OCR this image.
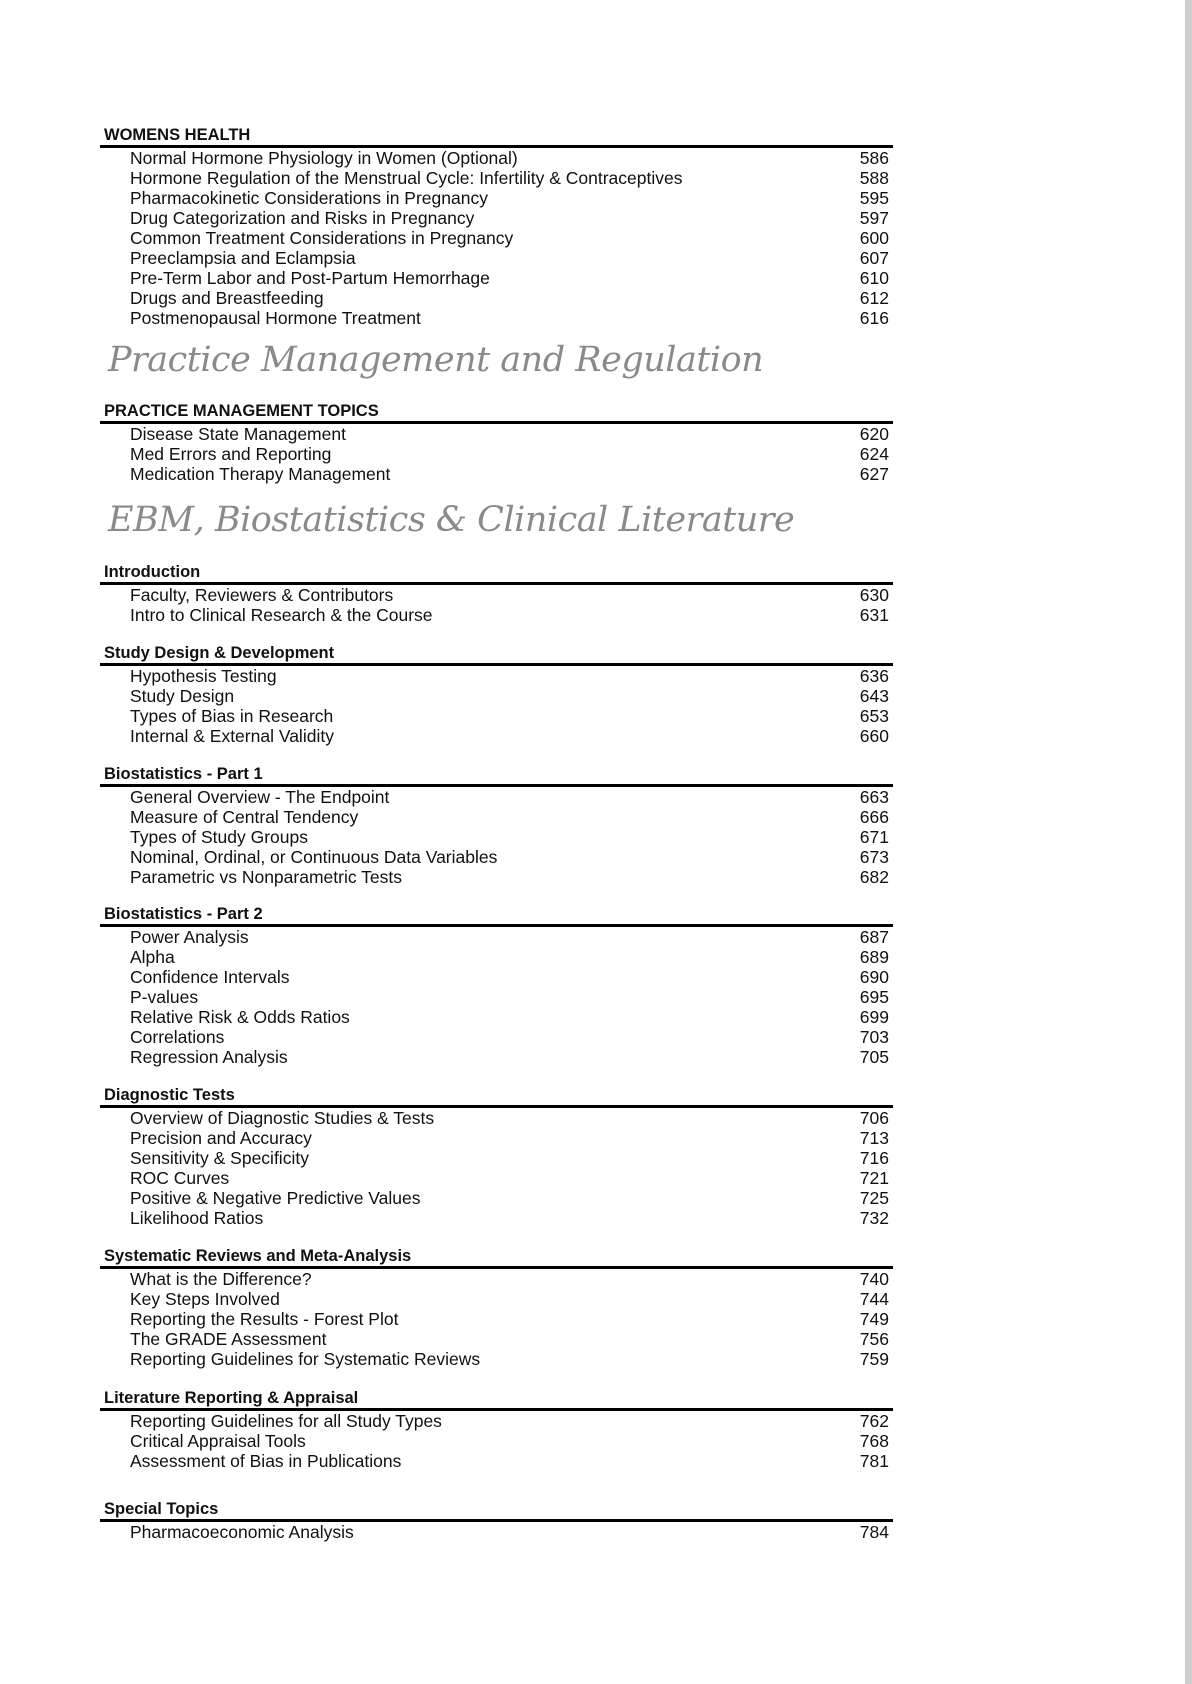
Practice Management and Regulation
EBM, Biostatistics & Clinical Literature
WOMENS HEALTH
Normal Hormone Physiology in Women (Optional)	586
Hormone Regulation of the Menstrual Cycle: Infertility & Contraceptives	588
Pharmacokinetic Considerations in Pregnancy	595
Drug Categorization and Risks in Pregnancy	597
Common Treatment Considerations in Pregnancy	600
Preeclampsia and Eclampsia	607
Pre-Term Labor and Post-Partum Hemorrhage	610
Drugs and Breastfeeding	612
Postmenopausal Hormone Treatment	616
PRACTICE MANAGEMENT TOPICS
Disease State Management	620
Med Errors and Reporting	624
Medication Therapy Management	627
Introduction
Faculty, Reviewers & Contributors	630
Intro to Clinical Research & the Course	631
Study Design & Development
Hypothesis Testing	636
Study Design	643
Types of Bias in Research	653
Internal & External Validity	660
Biostatistics - Part 1
General Overview - The Endpoint	663
Measure of Central Tendency	666
Types of Study Groups	671
Nominal, Ordinal, or Continuous Data Variables	673
Parametric vs Nonparametric Tests	682
Biostatistics - Part 2
Power Analysis	687
Alpha	689
Confidence Intervals	690
P-values	695
Relative Risk & Odds Ratios	699
Correlations	703
Regression Analysis	705
Diagnostic Tests
Overview of Diagnostic Studies & Tests	706
Precision and Accuracy	713
Sensitivity & Specificity	716
ROC Curves	721
Positive & Negative Predictive Values	725
Likelihood Ratios	732
Systematic Reviews and Meta-Analysis
What is the Difference?	740
Key Steps Involved	744
Reporting the Results - Forest Plot	749
The GRADE Assessment	756
Reporting Guidelines for Systematic Reviews	759
Literature Reporting & Appraisal
Reporting Guidelines for all Study Types	762
Critical Appraisal Tools	768
Assessment of Bias in Publications	781
Special Topics
Pharmacoeconomic Analysis	784
